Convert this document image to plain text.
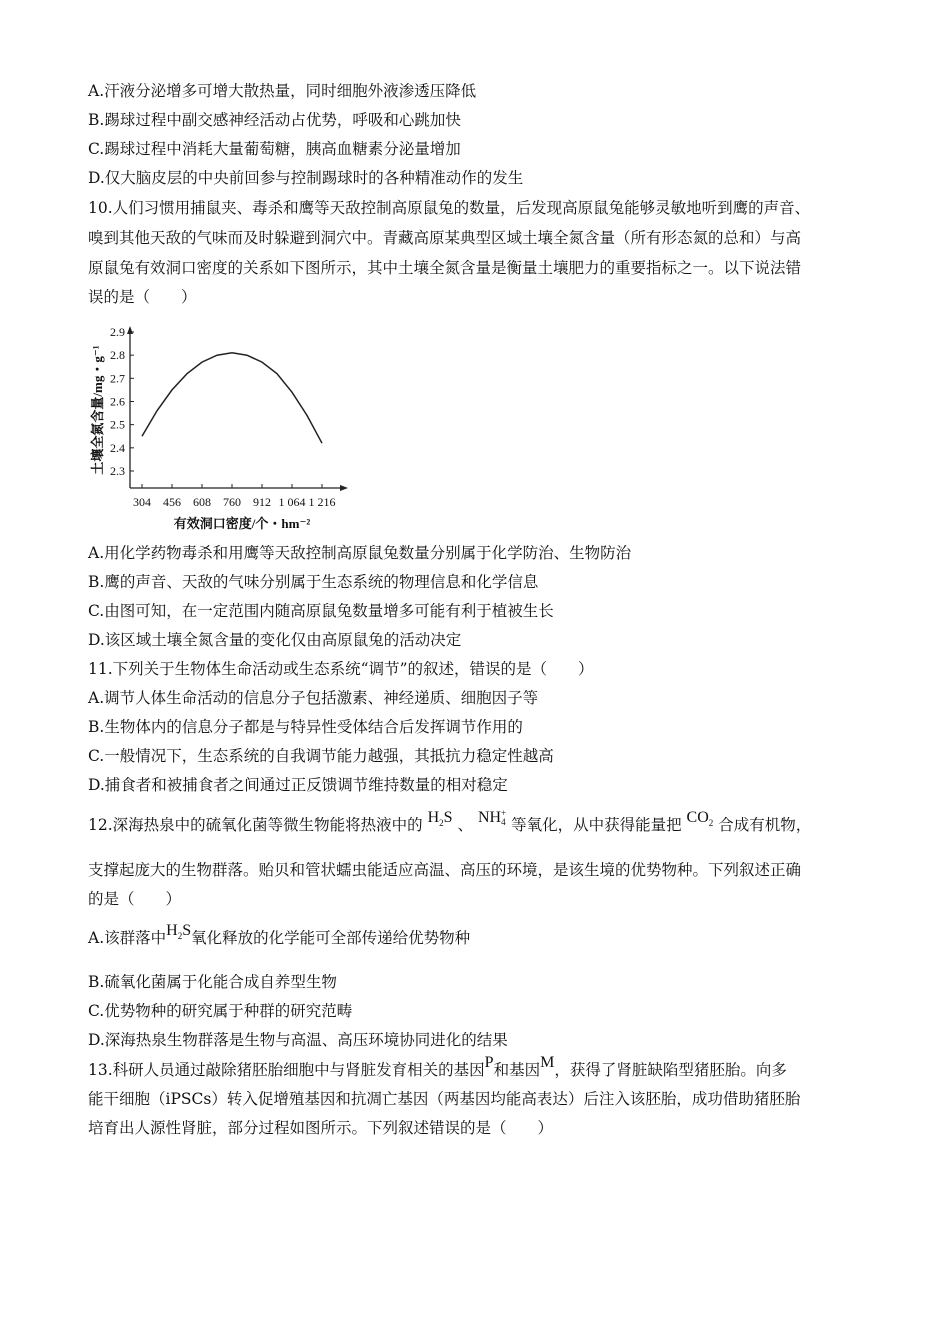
A.汗液分泌增多可增大散热量，同时细胞外液渗透压降低
B.踢球过程中副交感神经活动占优势，呼吸和心跳加快
C.踢球过程中消耗大量葡萄糖，胰高血糖素分泌量增加
D.仅大脑皮层的中央前回参与控制踢球时的各种精准动作的发生
10.人们习惯用捕鼠夹、毒杀和鹰等天敌控制高原鼠兔的数量，后发现高原鼠兔能够灵敏地听到鹰的声音、
嗅到其他天敌的气味而及时躲避到洞穴中。青藏高原某典型区域土壤全氮含量（所有形态氮的总和）与高
原鼠兔有效洞口密度的关系如下图所示，其中土壤全氮含量是衡量土壤肥力的重要指标之一。以下说法错
误的是（　　）
2.3
2.4
2.5
2.6
2.7
2.8
2.9
304 456 608 760 912 1 064 1 216
有效洞口密度/个・hm⁻²
土壤全氮含量/mg・g⁻¹
A.用化学药物毒杀和用鹰等天敌控制高原鼠兔数量分别属于化学防治、生物防治
B.鹰的声音、天敌的气味分别属于生态系统的物理信息和化学信息
C.由图可知，在一定范围内随高原鼠兔数量增多可能有利于植被生长
D.该区域土壤全氮含量的变化仅由高原鼠兔的活动决定
11.下列关于生物体生命活动或生态系统“调节”的叙述，错误的是（　　）
A.调节人体生命活动的信息分子包括激素、神经递质、细胞因子等
B.生物体内的信息分子都是与特异性受体结合后发挥调节作用的
C.一般情况下，生态系统的自我调节能力越强，其抵抗力稳定性越高
D.捕食者和被捕食者之间通过正反馈调节维持数量的相对稳定
12.深海热泉中的硫氧化菌等微生物能将热液中的 $H_2S$ 、 NH +
4 等氧化，从中获得能量把 $CO_2$ 合成有机物，
支撑起庞大的生物群落。贻贝和管状蠕虫能适应高温、高压的环境，是该生境的优势物种。下列叙述正确
的是（　　）
A.该群落中$H_2S$氧化释放的化学能可全部传递给优势物种
B.硫氧化菌属于化能合成自养型生物
C.优势物种的研究属于种群的研究范畴
D.深海热泉生物群落是生物与高温、高压环境协同进化的结果
13.科研人员通过敲除猪胚胎细胞中与肾脏发育相关的基因P和基因M，获得了肾脏缺陷型猪胚胎。向多
能干细胞（iPSCs）转入促增殖基因和抗凋亡基因（两基因均能高表达）后注入该胚胎，成功借助猪胚胎
培育出人源性肾脏，部分过程如图所示。下列叙述错误的是（　　）
